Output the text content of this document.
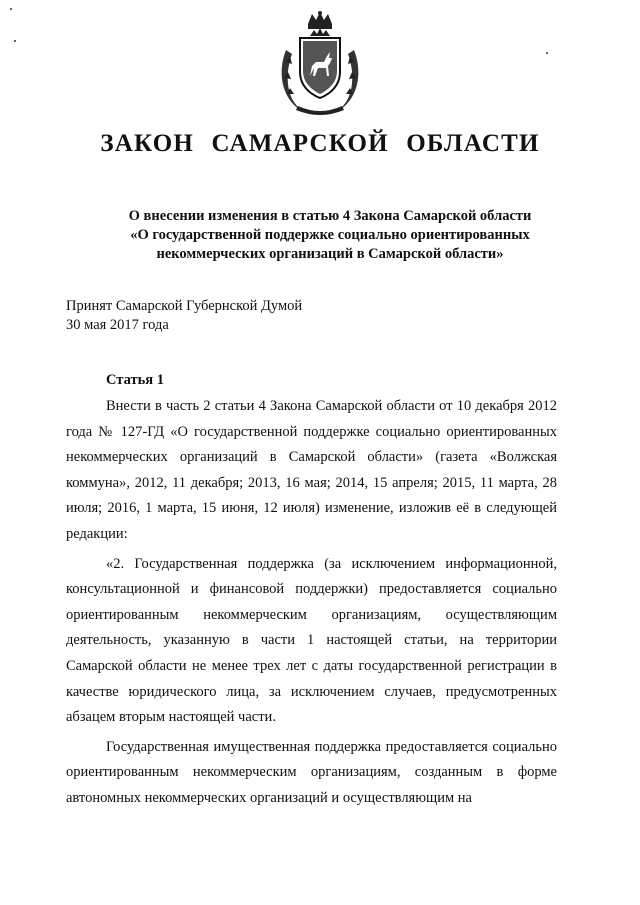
ЗАКОН САМАРСКОЙ ОБЛАСТИ
О внесении изменения в статью 4 Закона Самарской области
«О государственной поддержке социально ориентированных
некоммерческих организаций в Самарской области»
Принят Самарской Губернской Думой
30 мая 2017 года
Статья 1

Внести в часть 2 статьи 4 Закона Самарской области от 10 декабря 2012 года № 127-ГД «О государственной поддержке социально ориентированных некоммерческих организаций в Самарской области» (газета «Волжская коммуна», 2012, 11 декабря; 2013, 16 мая; 2014, 15 апреля; 2015, 11 марта, 28 июля; 2016, 1 марта, 15 июня, 12 июля) изменение, изложив её в следующей редакции:

«2. Государственная поддержка (за исключением информационной, консультационной и финансовой поддержки) предоставляется социально ориентированным некоммерческим организациям, осуществляющим деятельность, указанную в части 1 настоящей статьи, на территории Самарской области не менее трех лет с даты государственной регистрации в качестве юридического лица, за исключением случаев, предусмотренных абзацем вторым настоящей части.

Государственная имущественная поддержка предоставляется социально ориентированным некоммерческим организациям, созданным в форме автономных некоммерческих организаций и осуществляющим на
